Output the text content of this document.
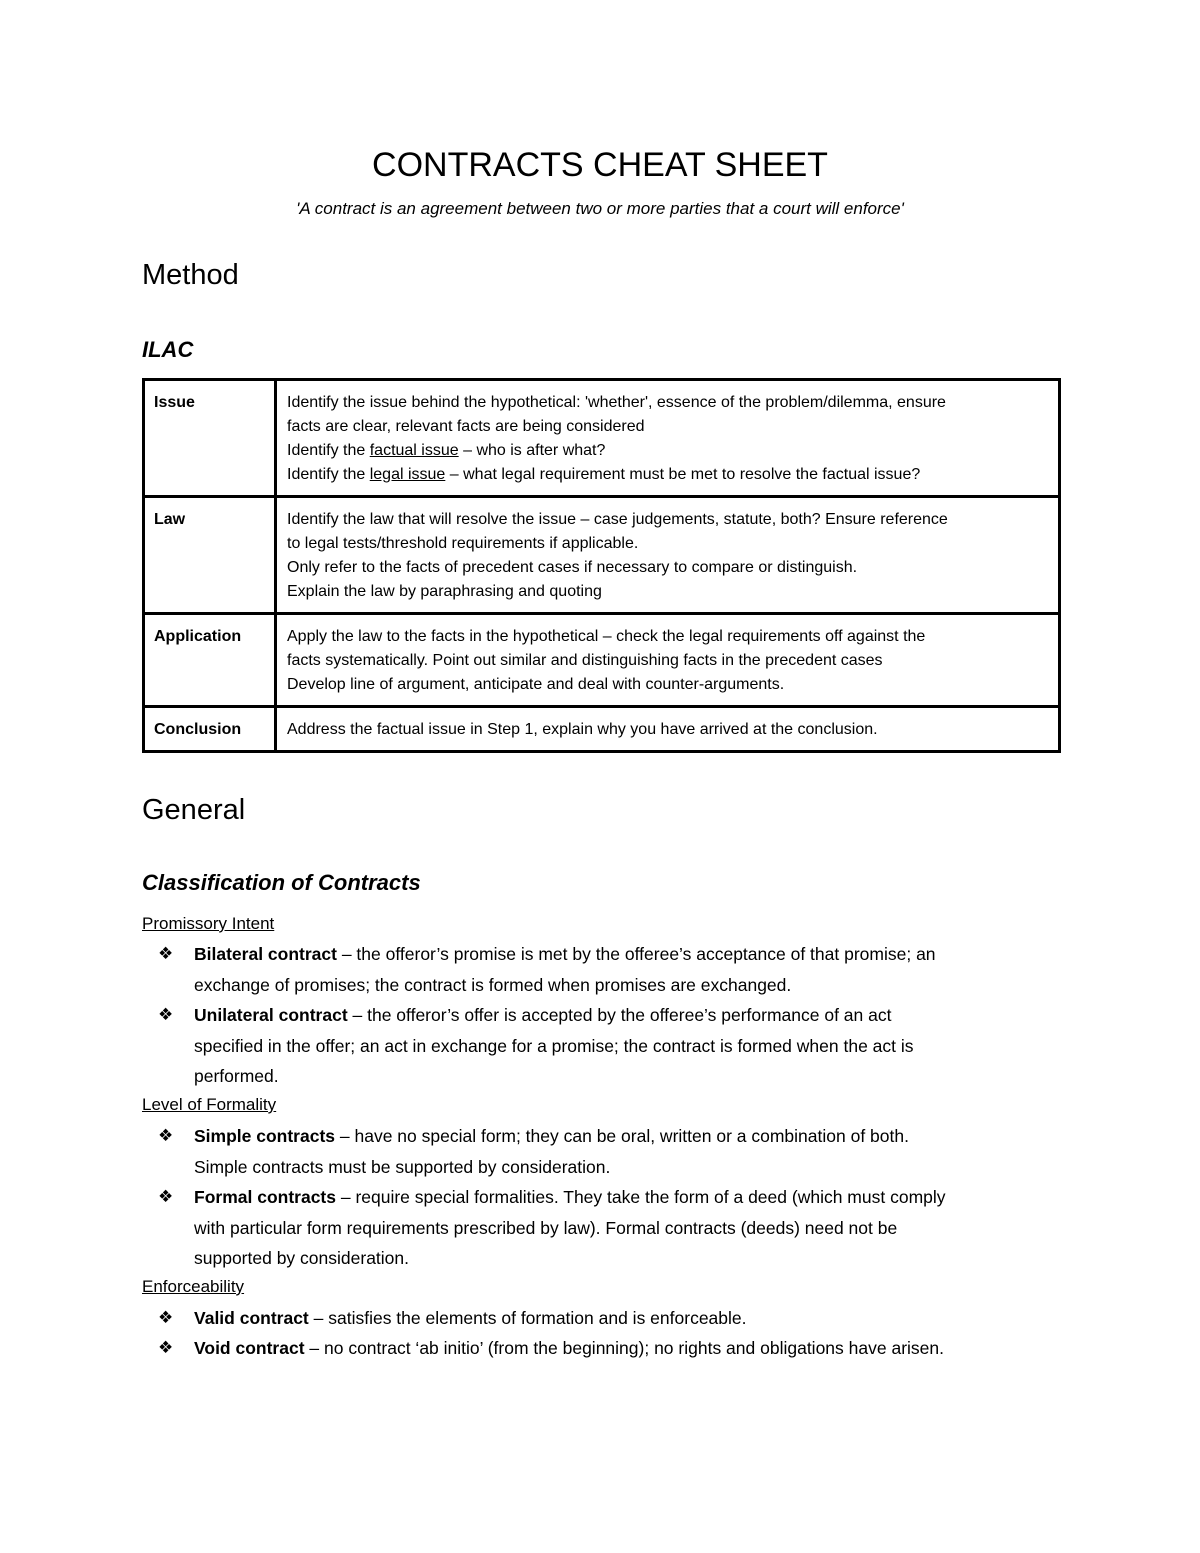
CONTRACTS CHEAT SHEET
'A contract is an agreement between two or more parties that a court will enforce'
Method
ILAC
Issue	Identify the issue behind the hypothetical: 'whether', essence of the problem/dilemma, ensure
facts are clear, relevant facts are being considered
Identify the factual issue – who is after what?
Identify the legal issue – what legal requirement must be met to resolve the factual issue?

Law	Identify the law that will resolve the issue – case judgements, statute, both? Ensure reference
to legal tests/threshold requirements if applicable.
Only refer to the facts of precedent cases if necessary to compare or distinguish.
Explain the law by paraphrasing and quoting

Application	Apply the law to the facts in the hypothetical – check the legal requirements off against the
facts systematically. Point out similar and distinguishing facts in the precedent cases
Develop line of argument, anticipate and deal with counter-arguments.

Conclusion	Address the factual issue in Step 1, explain why you have arrived at the conclusion.
General
Classification of Contracts
Promissory Intent
❖ Bilateral contract – the offeror’s promise is met by the offeree’s acceptance of that promise; an
exchange of promises; the contract is formed when promises are exchanged.
❖ Unilateral contract – the offeror’s offer is accepted by the offeree’s performance of an act
specified in the offer; an act in exchange for a promise; the contract is formed when the act is
performed.
Level of Formality
❖ Simple contracts – have no special form; they can be oral, written or a combination of both.
Simple contracts must be supported by consideration.
❖ Formal contracts – require special formalities. They take the form of a deed (which must comply
with particular form requirements prescribed by law). Formal contracts (deeds) need not be
supported by consideration.
Enforceability
❖ Valid contract – satisfies the elements of formation and is enforceable.
❖ Void contract – no contract ‘ab initio’ (from the beginning); no rights and obligations have arisen.
